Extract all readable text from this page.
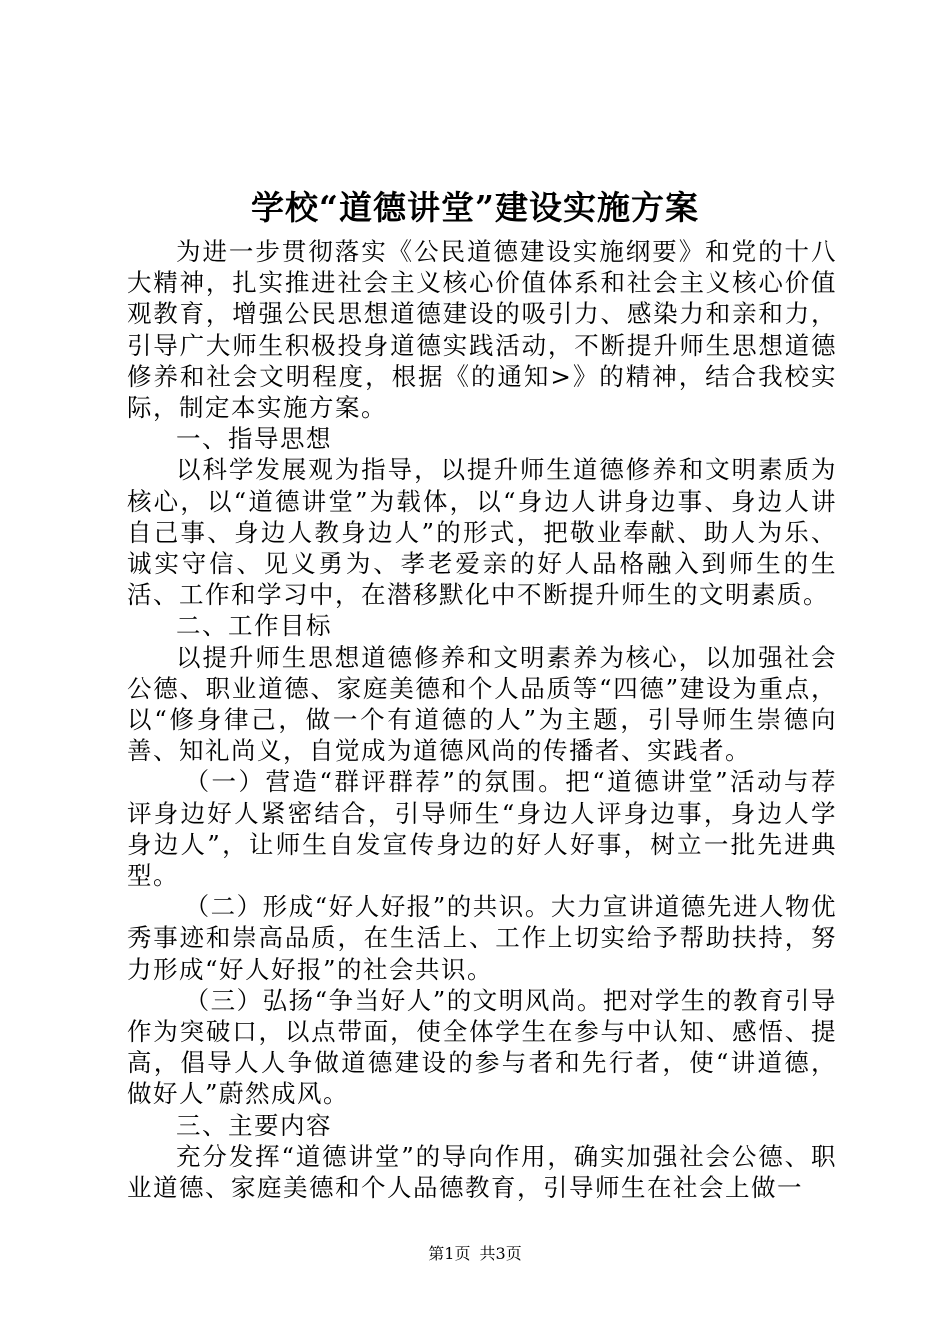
学校“道德讲堂”建设实施方案

为进一步贯彻落实《公民道德建设实施纲要》和党的十八大精神，扎实推进社会主义核心价值体系和社会主义核心价值观教育，增强公民思想道德建设的吸引力、感染力和亲和力，引导广大师生积极投身道德实践活动，不断提升师生思想道德修养和社会文明程度，根据《的通知>》的精神，结合我校实际，制定本实施方案。

一、指导思想

以科学发展观为指导，以提升师生道德修养和文明素质为核心，以“道德讲堂”为载体，以“身边人讲身边事、身边人讲自己事、身边人教身边人”的形式，把敬业奉献、助人为乐、诚实守信、见义勇为、孝老爱亲的好人品格融入到师生的生活、工作和学习中，在潜移默化中不断提升师生的文明素质。

二、工作目标

以提升师生思想道德修养和文明素养为核心，以加强社会公德、职业道德、家庭美德和个人品质等“四德”建设为重点，以“修身律己，做一个有道德的人”为主题，引导师生崇德向善、知礼尚义，自觉成为道德风尚的传播者、实践者。

（一）营造“群评群荐”的氛围。把“道德讲堂”活动与荐评身边好人紧密结合，引导师生“身边人评身边事，身边人学身边人”，让师生自发宣传身边的好人好事，树立一批先进典型。

（二）形成“好人好报”的共识。大力宣讲道德先进人物优秀事迹和崇高品质，在生活上、工作上切实给予帮助扶持，努力形成“好人好报”的社会共识。

（三）弘扬“争当好人”的文明风尚。把对学生的教育引导作为突破口，以点带面，使全体学生在参与中认知、感悟、提高，倡导人人争做道德建设的参与者和先行者，使“讲道德，做好人”蔚然成风。

三、主要内容

充分发挥“道德讲堂”的导向作用，确实加强社会公德、职业道德、家庭美德和个人品德教育，引导师生在社会上做一

第1页 共3页
